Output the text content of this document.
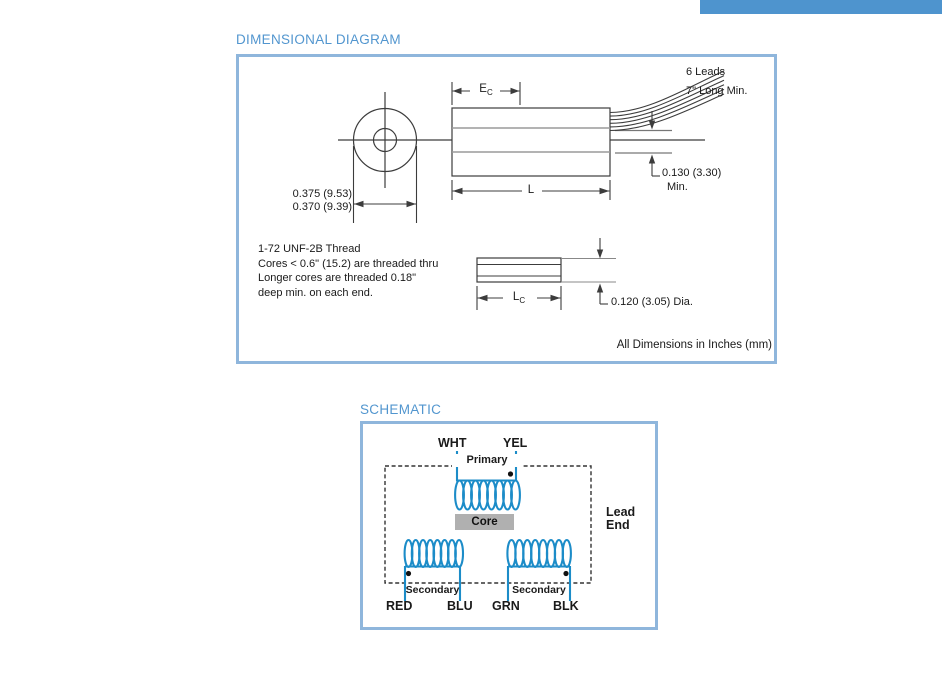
DIMENSIONAL DIAGRAM
SCHEMATIC
6 Leads
7" Long Min.
$E_C$
L
0.375 (9.53)
0.370 (9.39)
0.130 (3.30)
Min.
1-72 UNF-2B Thread
Cores < 0.6" (15.2) are threaded thru
Longer cores are threaded 0.18"
deep min. on each end.	$L_C$	0.120 (3.05) Dia.
All Dimensions in Inches (mm)
WHT	YEL
Primary
Core
Lead
End
Secondary	Secondary
RED	BLU GRN	BLK
